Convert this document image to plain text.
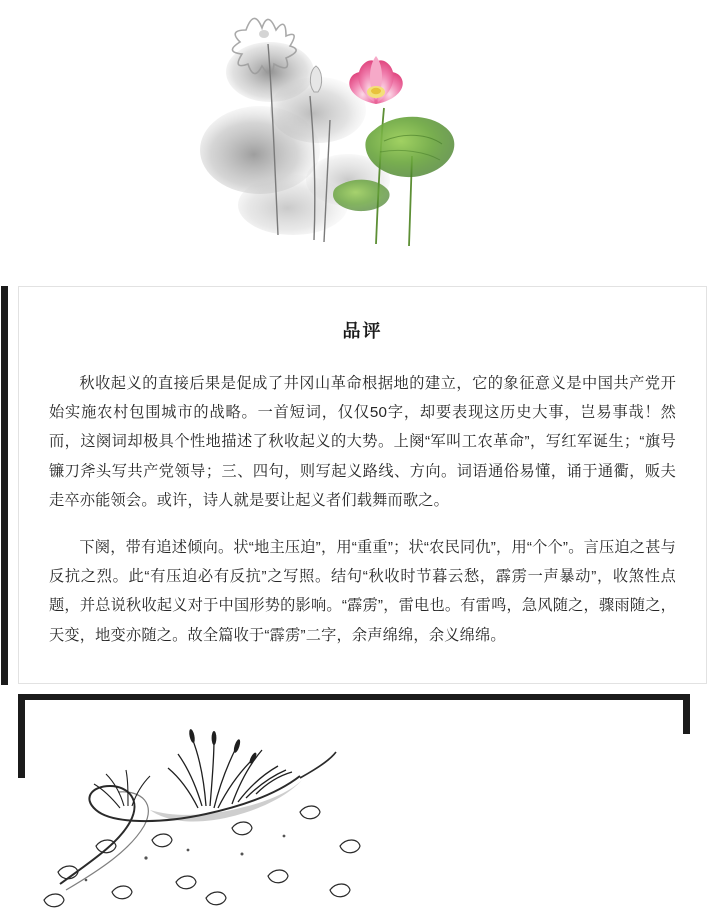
品评

秋收起义的直接后果是促成了井冈山革命根据地的建立，它的象征意义是中国共产党开始实施农村包围城市的战略。一首短词，仅仅50字，却要表现这历史大事，岂易事哉！然而，这阕词却极具个性地描述了秋收起义的大势。上阕“军叫工农革命”，写红军诞生；“旗号镰刀斧头写共产党领导；三、四句，则写起义路线、方向。词语通俗易懂，诵于通衢，贩夫走卒亦能领会。或许，诗人就是要让起义者们载舞而歌之。

下阕，带有追述倾向。状“地主压迫”，用“重重”；状“农民同仇”，用“个个”。言压迫之甚与反抗之烈。此“有压迫必有反抗”之写照。结句“秋收时节暮云愁，霹雳一声暴动”，收煞性点题，并总说秋收起义对于中国形势的影响。“霹雳”，雷电也。有雷鸣，急风随之，骤雨随之，天变，地变亦随之。故全篇收于“霹雳”二字，余声绵绵，余义绵绵。
